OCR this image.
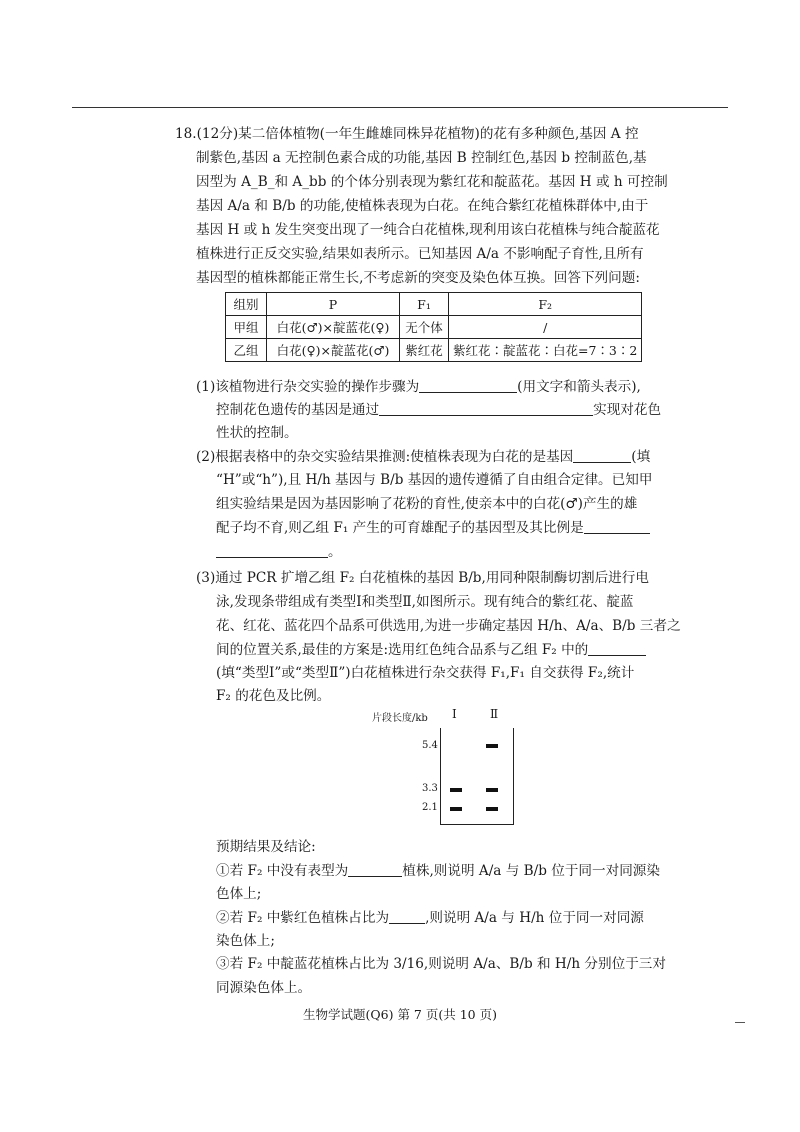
18.(12分)某二倍体植物(一年生雌雄同株异花植物)的花有多种颜色,基因 A 控
制紫色,基因 a 无控制色素合成的功能,基因 B 控制红色,基因 b 控制蓝色,基
因型为 A_B_和 A_bb 的个体分别表现为紫红花和靛蓝花。基因 H 或 h 可控制
基因 A/a 和 B/b 的功能,使植株表现为白花。在纯合紫红花植株群体中,由于
基因 H 或 h 发生突变出现了一纯合白花植株,现利用该白花植株与纯合靛蓝花
植株进行正反交实验,结果如表所示。已知基因 A/a 不影响配子育性,且所有
基因型的植株都能正常生长,不考虑新的突变及染色体互换。回答下列问题:
组别	P	F₁	F₂
甲组	白花(♂)×靛蓝花(♀)	无个体	/
乙组	白花(♀)×靛蓝花(♂)	紫红花	紫红花∶靛蓝花∶白花=7∶3∶2
(1)该植物进行杂交实验的操作步骤为	(用文字和箭头表示),
控制花色遗传的基因是通过	实现对花色
性状的控制。
(2)根据表格中的杂交实验结果推测:使植株表现为白花的是基因	(填
“H”或“h”),且 H/h 基因与 B/b 基因的遗传遵循了自由组合定律。已知甲
组实验结果是因为基因影响了花粉的育性,使亲本中的白花(♂)产生的雄
配子均不育,则乙组 F₁ 产生的可育雄配子的基因型及其比例是
。
(3)通过 PCR 扩增乙组 F₂ 白花植株的基因 B/b,用同种限制酶切割后进行电
泳,发现条带组成有类型Ⅰ和类型Ⅱ,如图所示。现有纯合的紫红花、靛蓝
花、红花、蓝花四个品系可供选用,为进一步确定基因 H/h、A/a、B/b 三者之
间的位置关系,最佳的方案是:选用红色纯合品系与乙组 F₂ 中的
(填“类型Ⅰ”或“类型Ⅱ”)白花植株进行杂交获得 F₁,F₁ 自交获得 F₂,统计
F₂ 的花色及比例。
片段长度/kb Ⅰ	Ⅱ
5.4
3.3
2.1
预期结果及结论:
①若 F₂ 中没有表型为	植株,则说明 A/a 与 B/b 位于同一对同源染
色体上;
②若 F₂ 中紫红色植株占比为	,则说明 A/a 与 H/h 位于同一对同源
染色体上;
③若 F₂ 中靛蓝花植株占比为 3/16,则说明 A/a、B/b 和 H/h 分别位于三对
同源染色体上。
生物学试题(Q6) 第 7 页(共 10 页)
